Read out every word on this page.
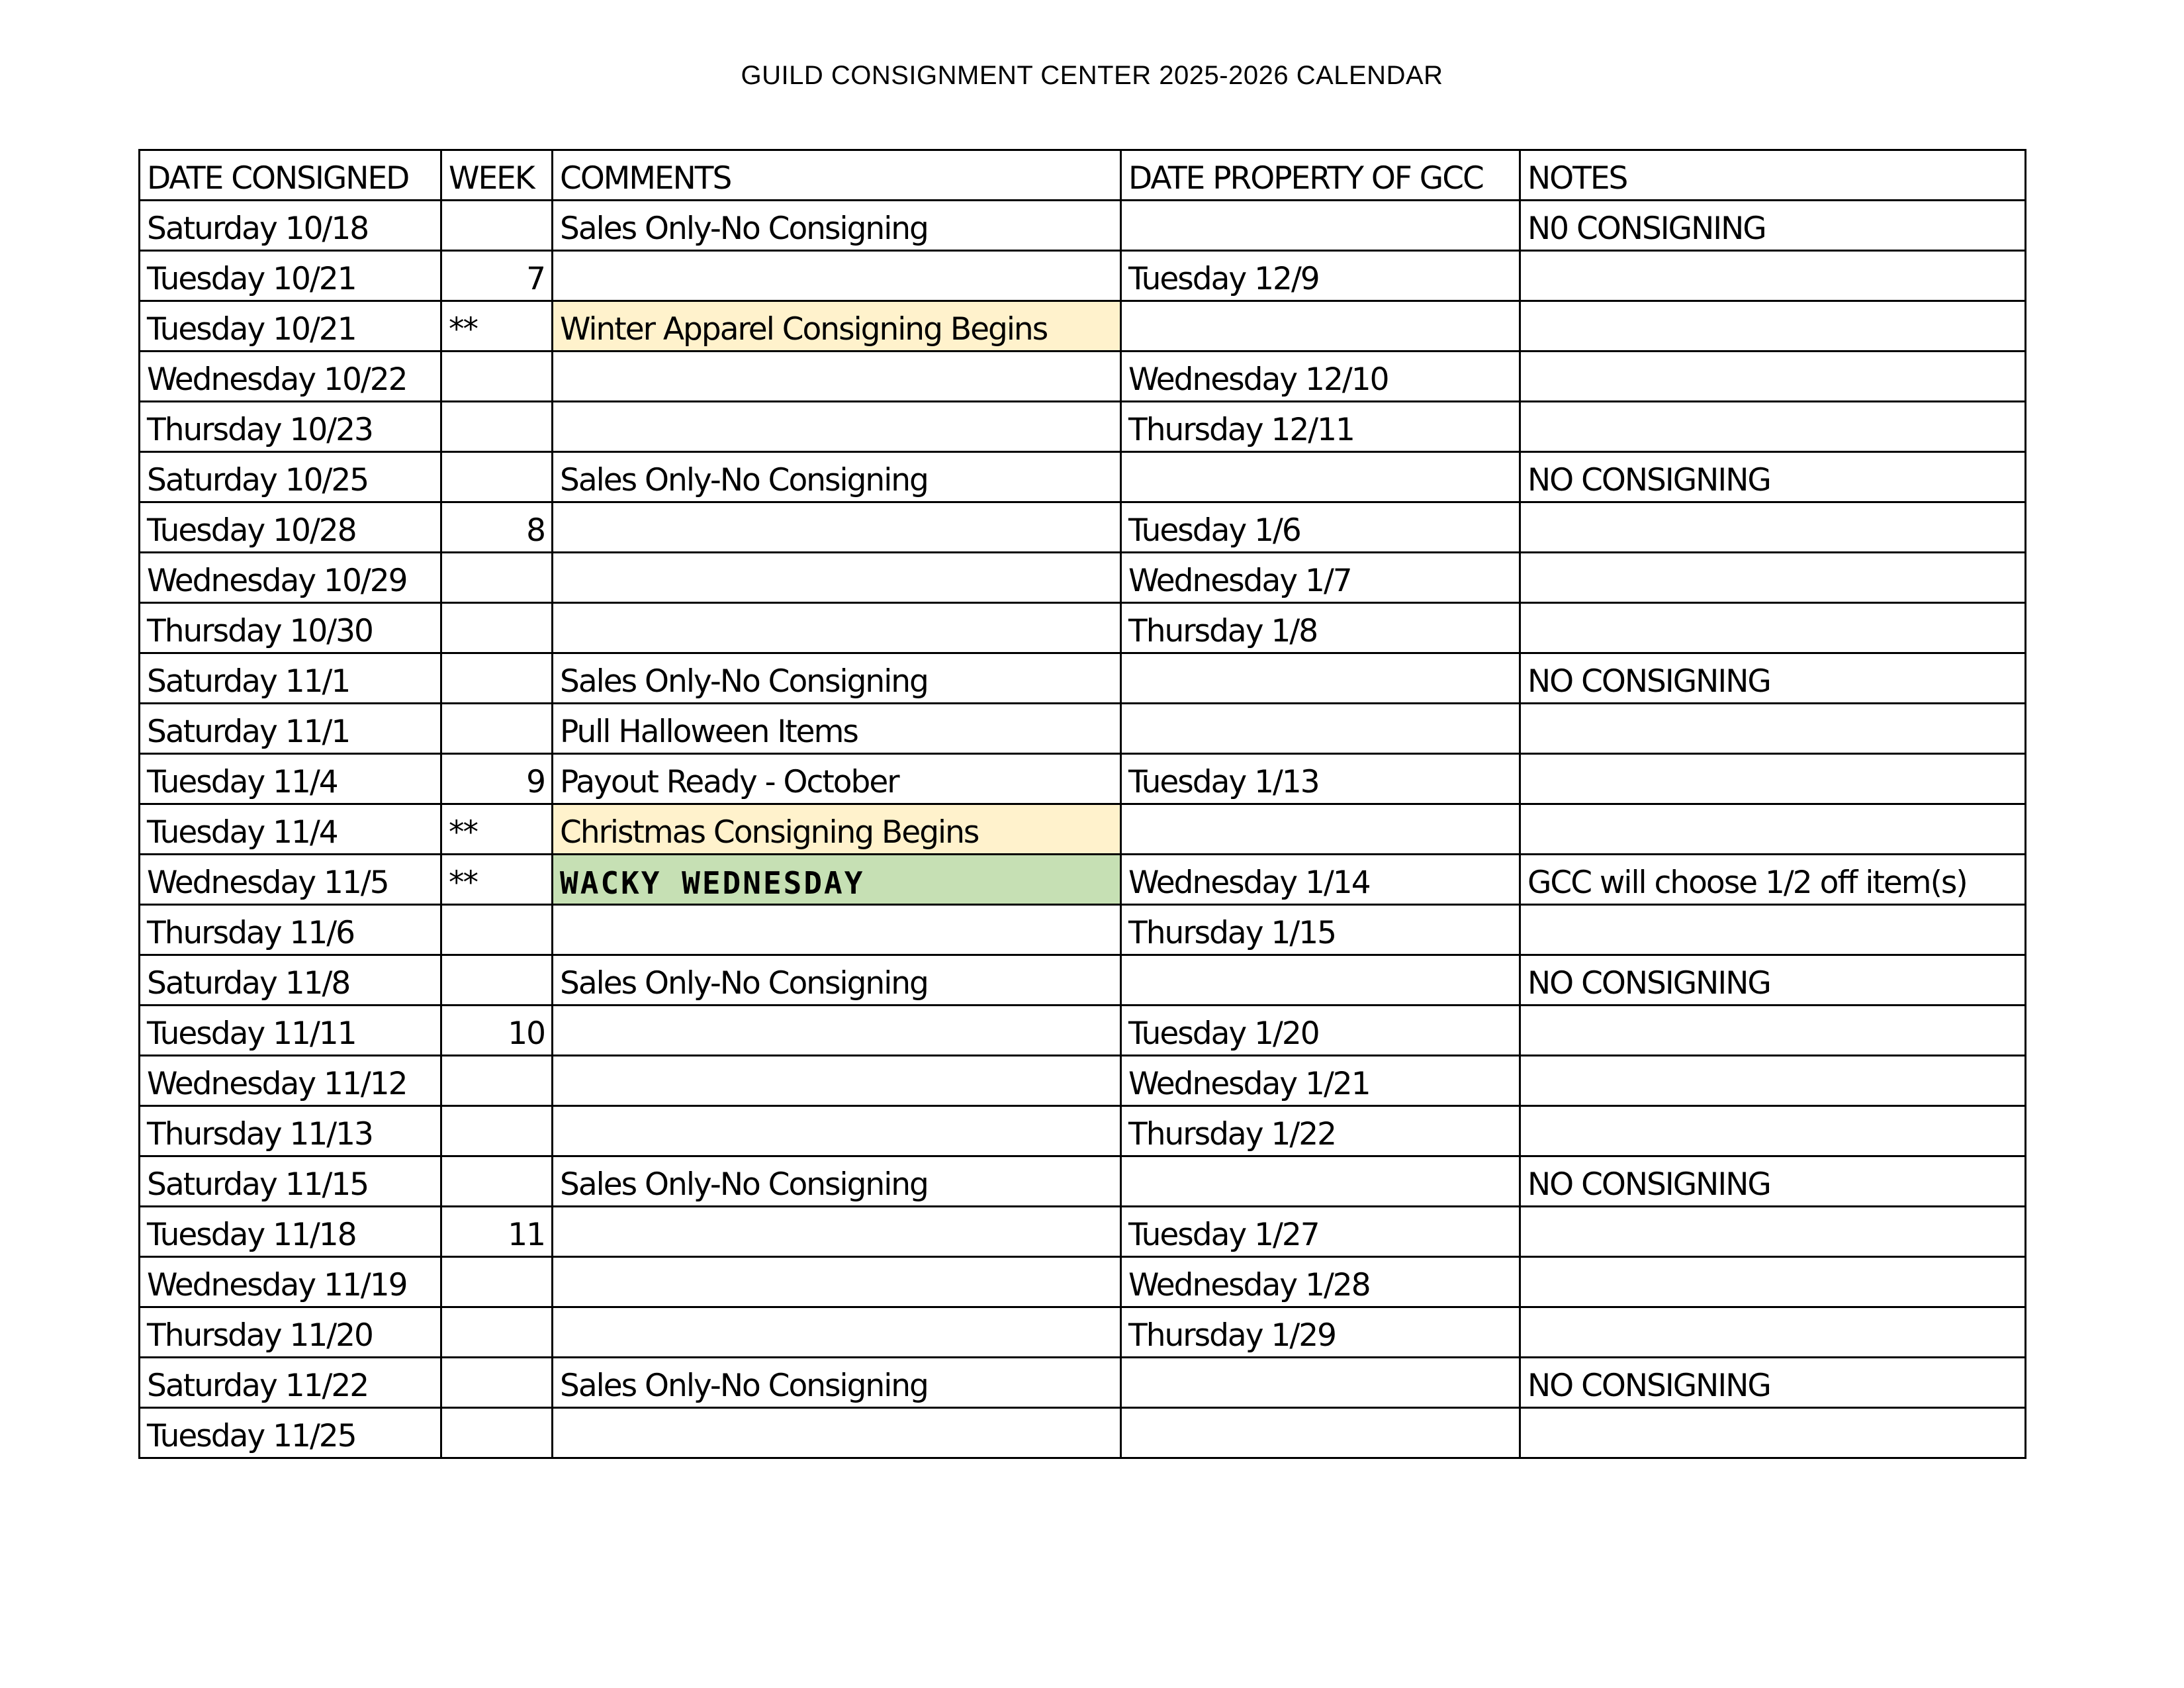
GUILD CONSIGNMENT CENTER 2025-2026 CALENDAR
DATE CONSIGNED	WEEK	COMMENTS	DATE PROPERTY OF GCC	NOTES
Saturday 10/18		Sales Only-No Consigning		N0 CONSIGNING
Tuesday 10/21	7		Tuesday 12/9	
Tuesday 10/21	**	Winter Apparel Consigning Begins		
Wednesday 10/22			Wednesday 12/10	
Thursday 10/23			Thursday 12/11	
Saturday 10/25		Sales Only-No Consigning		NO CONSIGNING
Tuesday 10/28	8		Tuesday 1/6	
Wednesday 10/29			Wednesday 1/7	
Thursday 10/30			Thursday 1/8	
Saturday 11/1		Sales Only-No Consigning		NO CONSIGNING
Saturday 11/1		Pull Halloween Items		
Tuesday 11/4	9	Payout Ready - October	Tuesday 1/13	
Tuesday 11/4	**	Christmas Consigning Begins		
Wednesday 11/5	**	WACKY WEDNESDAY	Wednesday 1/14	GCC will choose 1/2 off item(s)
Thursday 11/6			Thursday 1/15	
Saturday 11/8		Sales Only-No Consigning		NO CONSIGNING
Tuesday 11/11	10		Tuesday 1/20	
Wednesday 11/12			Wednesday 1/21	
Thursday 11/13			Thursday 1/22	
Saturday 11/15		Sales Only-No Consigning		NO CONSIGNING
Tuesday 11/18	11		Tuesday 1/27	
Wednesday 11/19			Wednesday 1/28	
Thursday 11/20			Thursday 1/29	
Saturday 11/22		Sales Only-No Consigning		NO CONSIGNING
Tuesday 11/25				
